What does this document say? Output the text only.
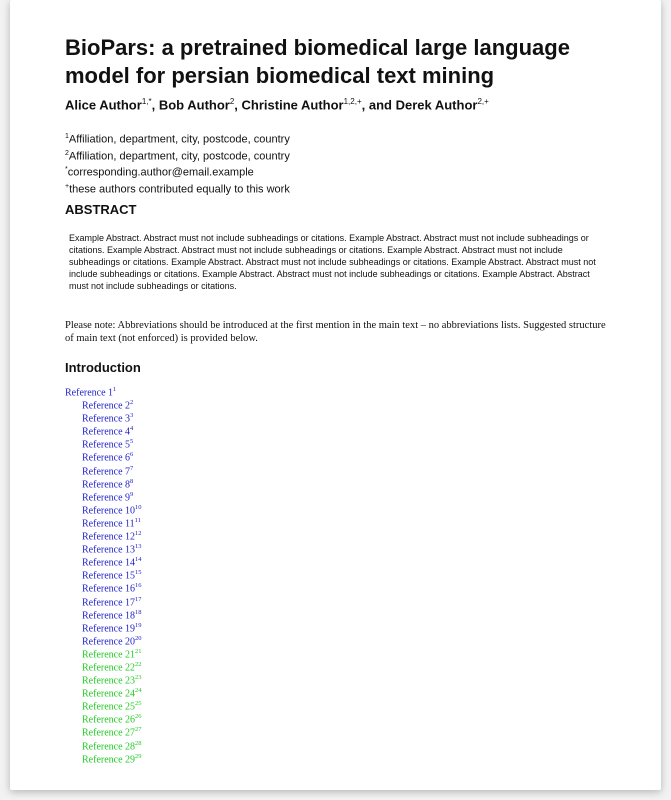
BioPars: a pretrained biomedical large language model for persian biomedical text mining
Alice Author$^{1,*}$, Bob Author$^2$, Christine Author$^{1,2,+}$, and Derek Author$^{2,+}$
$^1$Affiliation, department, city, postcode, country
$^2$Affiliation, department, city, postcode, country
*corresponding.author@email.example
+these authors contributed equally to this work
ABSTRACT

Example Abstract. Abstract must not include subheadings or citations. Example Abstract. Abstract must not include subheadings or citations. Example Abstract. Abstract must not include subheadings or citations. Example Abstract. Abstract must not include subheadings or citations. Example Abstract. Abstract must not include subheadings or citations. Example Abstract. Abstract must not include subheadings or citations. Example Abstract. Abstract must not include subheadings or citations. Example Abstract. Abstract must not include subheadings or citations.

Please note: Abbreviations should be introduced at the first mention in the main text – no abbreviations lists. Suggested structure of main text (not enforced) is provided below.

Introduction
Reference $1^1$
Reference $2^2$
Reference $3^3$
Reference $4^4$
Reference $5^5$
Reference $6^6$
Reference $7^7$
Reference $8^8$
Reference $9^9$
Reference $10^{10}$
Reference $11^{11}$
Reference $12^{12}$
Reference $13^{13}$
Reference $14^{14}$
Reference $15^{15}$
Reference $16^{16}$
Reference $17^{17}$
Reference $18^{18}$
Reference $19^{19}$
Reference $20^{20}$
Reference $21^{21}$
Reference $22^{22}$
Reference $23^{23}$
Reference $24^{24}$
Reference $25^{25}$
Reference $26^{26}$
Reference $27^{27}$
Reference $28^{28}$
Reference $29^{29}$
